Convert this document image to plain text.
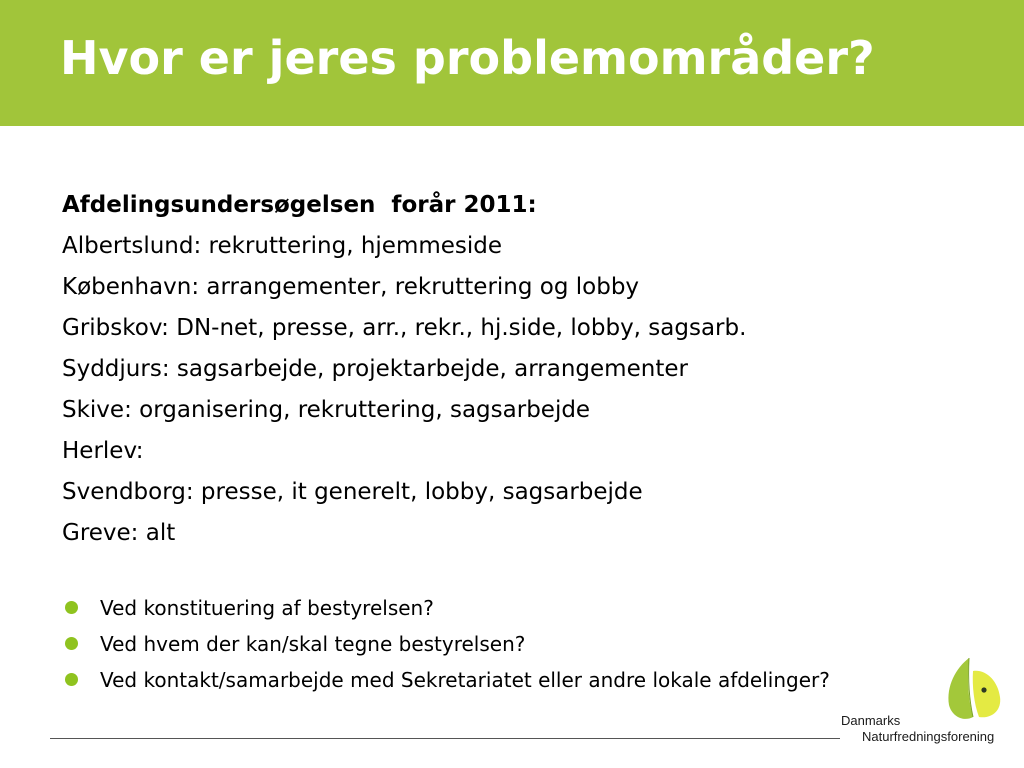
Hvor er jeres problemområder?
Afdelingsundersøgelsen  forår 2011:
Albertslund: rekruttering, hjemmeside
København: arrangementer, rekruttering og lobby
Gribskov: DN-net, presse, arr., rekr., hj.side, lobby, sagsarb.
Syddjurs: sagsarbejde, projektarbejde, arrangementer
Skive: organisering, rekruttering, sagsarbejde
Herlev:
Svendborg: presse, it generelt, lobby, sagsarbejde
Greve: alt
Ved konstituering af bestyrelsen?
Ved hvem der kan/skal tegne bestyrelsen?
Ved kontakt/samarbejde med Sekretariatet eller andre lokale afdelinger?
Danmarks
Naturfredningsforening
